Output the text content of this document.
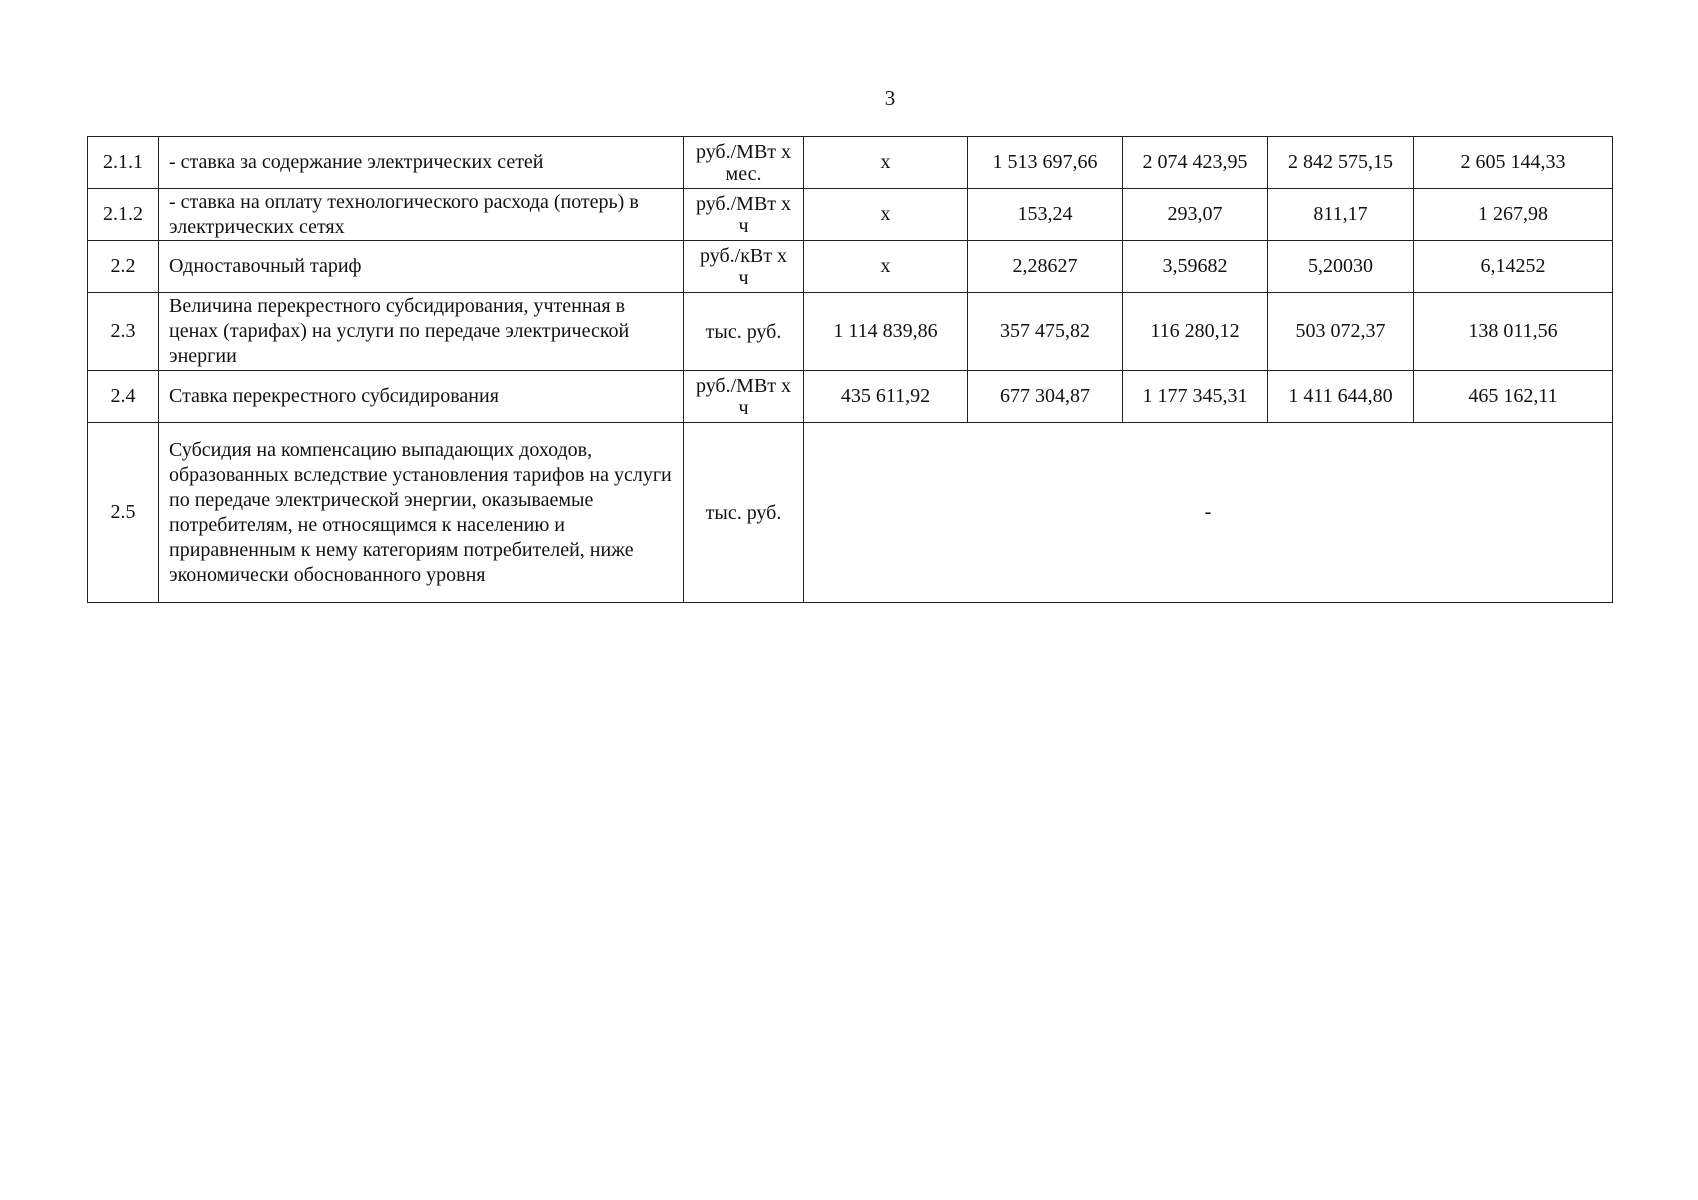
3
2.1.1	- ставка за содержание электрических сетей	руб./МВт х мес.	х	1 513 697,66	2 074 423,95	2 842 575,15	2 605 144,33
2.1.2	- ставка на оплату технологического расхода (потерь) в электрических сетях	руб./МВт х ч	х	153,24	293,07	811,17	1 267,98
2.2	Одноставочный тариф	руб./кВт х ч	х	2,28627	3,59682	5,20030	6,14252
2.3	Величина перекрестного субсидирования, учтенная в ценах (тарифах) на услуги по передаче электрической энергии	тыс. руб.	1 114 839,86	357 475,82	116 280,12	503 072,37	138 011,56
2.4	Ставка перекрестного субсидирования	руб./МВт х ч	435 611,92	677 304,87	1 177 345,31	1 411 644,80	465 162,11
2.5	Субсидия на компенсацию выпадающих доходов, образованных вследствие установления тарифов на услуги по передаче электрической энергии, оказываемые потребителям, не относящимся к населению и приравненным к нему категориям потребителей, ниже экономически обоснованного уровня	тыс. руб.	-				
